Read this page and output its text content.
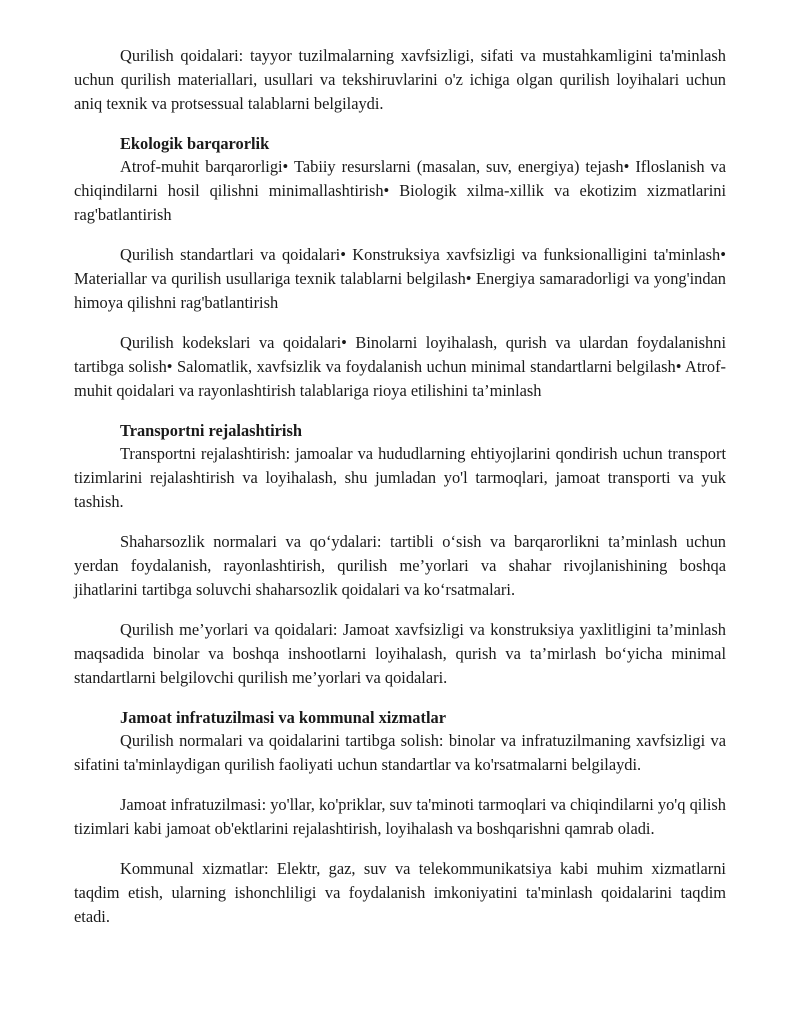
Qurilish qoidalari: tayyor tuzilmalarning xavfsizligi, sifati va mustahkamligini ta'minlash uchun qurilish materiallari, usullari va tekshiruvlarini o'z ichiga olgan qurilish loyihalari uchun aniq texnik va protsessual talablarni belgilaydi.

Ekologik barqarorlik

Atrof-muhit barqarorligi• Tabiiy resurslarni (masalan, suv, energiya) tejash• Ifloslanish va chiqindilarni hosil qilishni minimallashtirish• Biologik xilma-xillik va ekotizim xizmatlarini rag'batlantirish

Qurilish standartlari va qoidalari• Konstruksiya xavfsizligi va funksionalligini ta'minlash• Materiallar va qurilish usullariga texnik talablarni belgilash• Energiya samaradorligi va yong'indan himoya qilishni rag'batlantirish

Qurilish kodekslari va qoidalari• Binolarni loyihalash, qurish va ulardan foydalanishni tartibga solish• Salomatlik, xavfsizlik va foydalanish uchun minimal standartlarni belgilash• Atrof-muhit qoidalari va rayonlashtirish talablariga rioya etilishini ta’minlash

Transportni rejalashtirish

Transportni rejalashtirish: jamoalar va hududlarning ehtiyojlarini qondirish uchun transport tizimlarini rejalashtirish va loyihalash, shu jumladan yo'l tarmoqlari, jamoat transporti va yuk tashish.

Shaharsozlik normalari va qo‘ydalari: tartibli o‘sish va barqarorlikni ta’minlash uchun yerdan foydalanish, rayonlashtirish, qurilish me’yorlari va shahar rivojlanishining boshqa jihatlarini tartibga soluvchi shaharsozlik qoidalari va ko‘rsatmalari.

Qurilish me’yorlari va qoidalari: Jamoat xavfsizligi va konstruksiya yaxlitligini ta’minlash maqsadida binolar va boshqa inshootlarni loyihalash, qurish va ta’mirlash bo‘yicha minimal standartlarni belgilovchi qurilish me’yorlari va qoidalari.

Jamoat infratuzilmasi va kommunal xizmatlar

Qurilish normalari va qoidalarini tartibga solish: binolar va infratuzilmaning xavfsizligi va sifatini ta'minlaydigan qurilish faoliyati uchun standartlar va ko'rsatmalarni belgilaydi.

Jamoat infratuzilmasi: yo'llar, ko'priklar, suv ta'minoti tarmoqlari va chiqindilarni yo'q qilish tizimlari kabi jamoat ob'ektlarini rejalashtirish, loyihalash va boshqarishni qamrab oladi.

Kommunal xizmatlar: Elektr, gaz, suv va telekommunikatsiya kabi muhim xizmatlarni taqdim etish, ularning ishonchliligi va foydalanish imkoniyatini ta'minlash qoidalarini taqdim etadi.
